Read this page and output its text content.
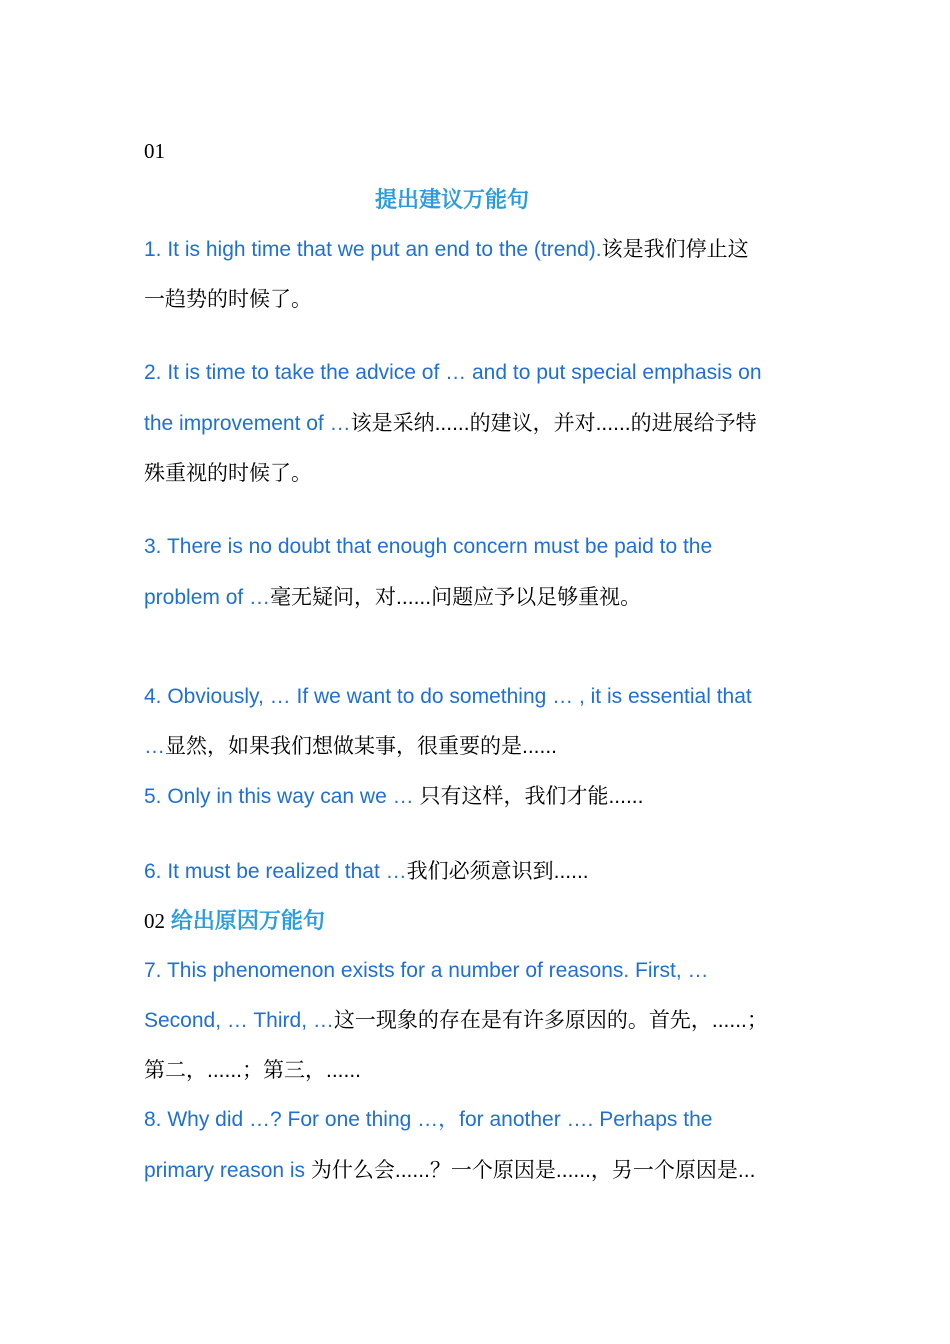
01
提出建议万能句
1. It is high time that we put an end to the (trend).该是我们停止这
一趋势的时候了。
2. It is time to take the advice of … and to put special emphasis on
the improvement of …该是采纳......的建议，并对......的进展给予特
殊重视的时候了。
3. There is no doubt that enough concern must be paid to the
problem of …毫无疑问，对......问题应予以足够重视。
4. Obviously, … If we want to do something … , it is essential that
…显然，如果我们想做某事，很重要的是......
5. Only in this way can we … 只有这样，我们才能......
6. It must be realized that …我们必须意识到......
02 给出原因万能句
7. This phenomenon exists for a number of reasons. First, …
Second, … Third, …这一现象的存在是有许多原因的。首先，......；
第二，......；第三，......
8. Why did …? For one thing …，for another …. Perhaps the
primary reason is 为什么会......？一个原因是......，另一个原因是...
